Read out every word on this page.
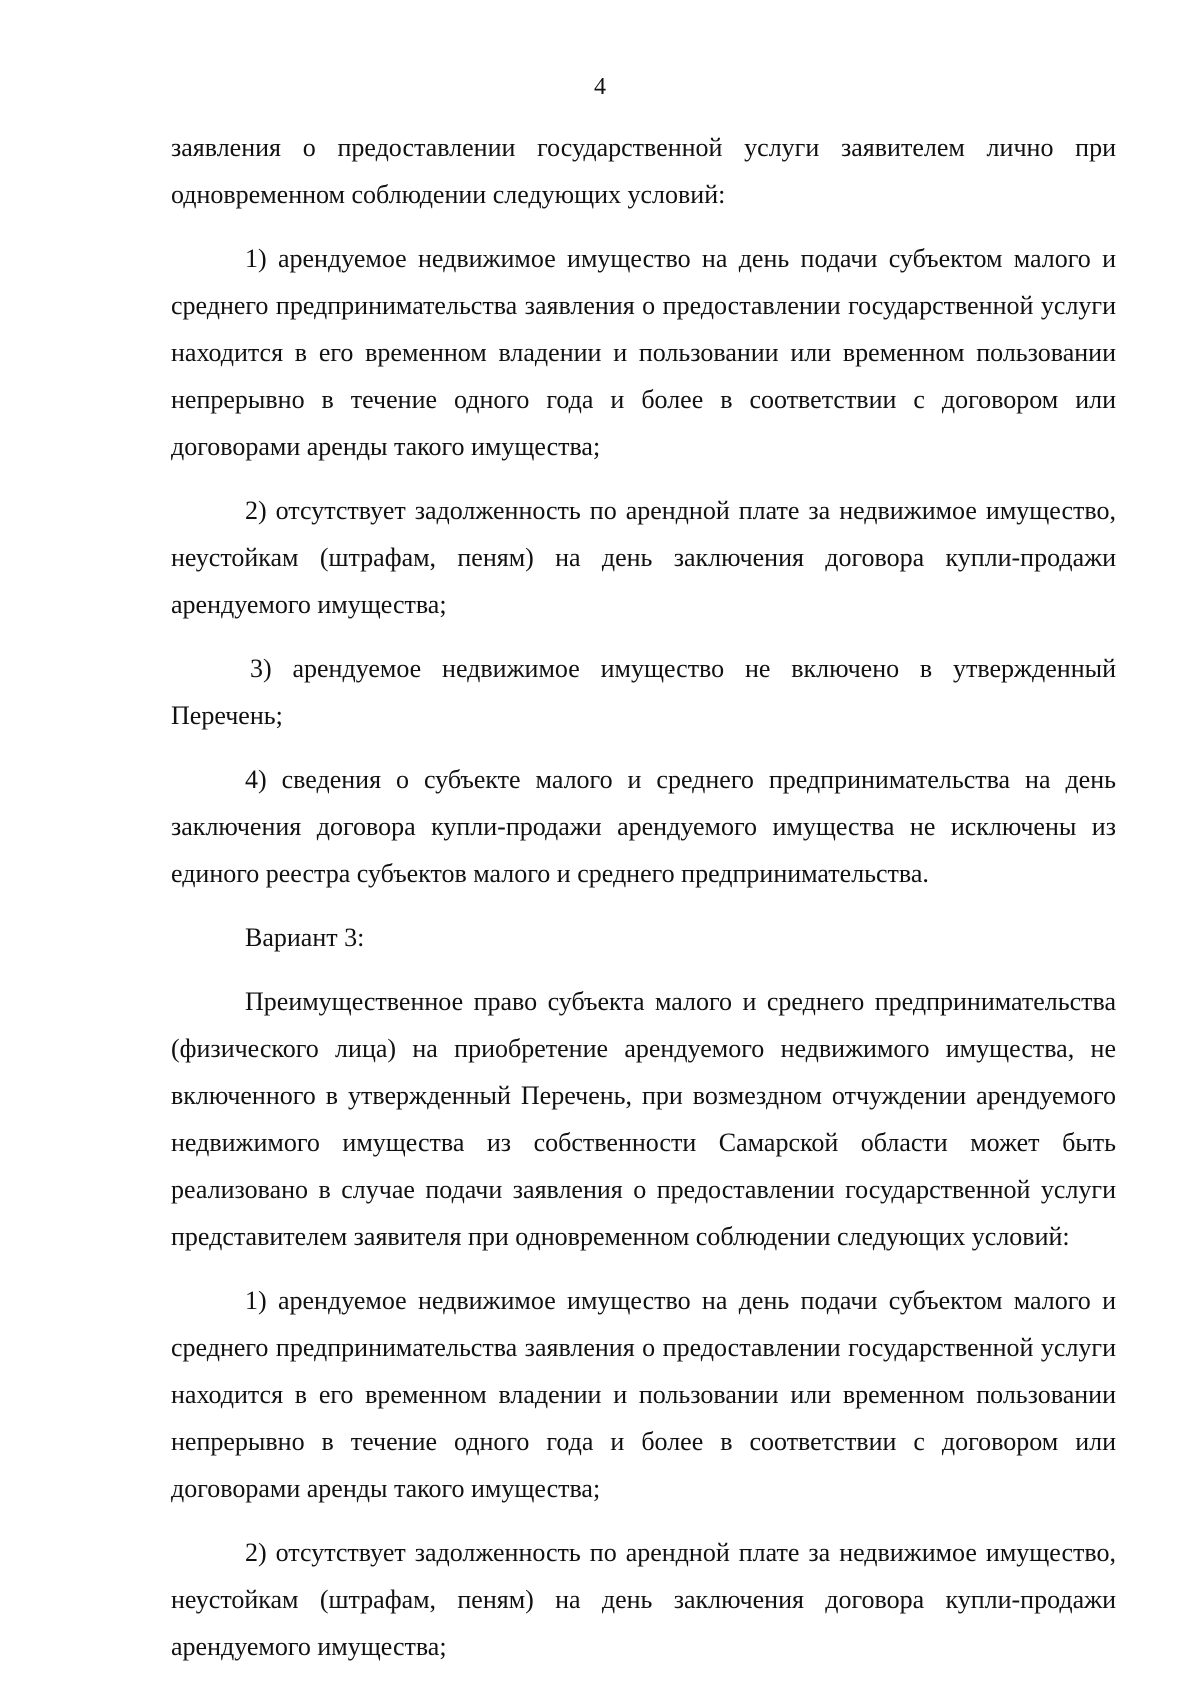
4

заявления о предоставлении государственной услуги заявителем лично при одновременном соблюдении следующих условий:

1) арендуемое недвижимое имущество на день подачи субъектом малого и среднего предпринимательства заявления о предоставлении государственной услуги находится в его временном владении и пользовании или временном пользовании непрерывно в течение одного года и более в соответствии с договором или договорами аренды такого имущества;

2) отсутствует задолженность по арендной плате за недвижимое имущество, неустойкам (штрафам, пеням) на день заключения договора купли-продажи арендуемого имущества;

3) арендуемое недвижимое имущество не включено в утвержденный Перечень;

4) сведения о субъекте малого и среднего предпринимательства на день заключения договора купли-продажи арендуемого имущества не исключены из единого реестра субъектов малого и среднего предпринимательства.

Вариант 3:

Преимущественное право субъекта малого и среднего предпринимательства (физического лица) на приобретение арендуемого недвижимого имущества, не включенного в утвержденный Перечень, при возмездном отчуждении арендуемого недвижимого имущества из собственности Самарской области может быть реализовано в случае подачи заявления о предоставлении государственной услуги представителем заявителя при одновременном соблюдении следующих условий:

1) арендуемое недвижимое имущество на день подачи субъектом малого и среднего предпринимательства заявления о предоставлении государственной услуги находится в его временном владении и пользовании или временном пользовании непрерывно в течение одного года и более в соответствии с договором или договорами аренды такого имущества;

2) отсутствует задолженность по арендной плате за недвижимое имущество, неустойкам (штрафам, пеням) на день заключения договора купли-продажи арендуемого имущества;
